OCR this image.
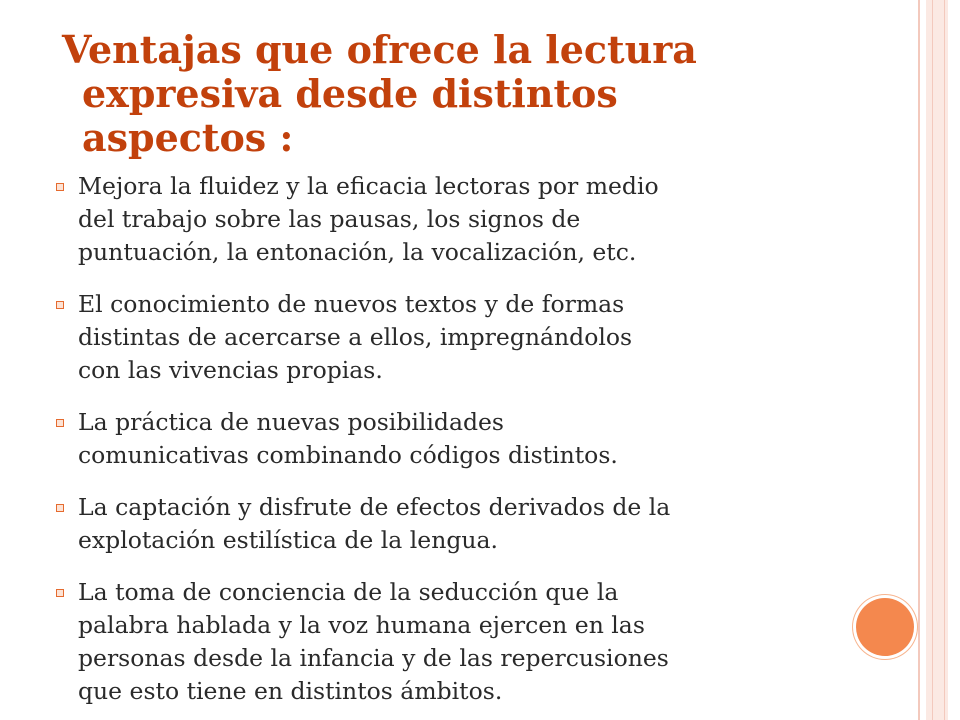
Ventajas que ofrece la lectura
expresiva desde distintos
aspectos :
Mejora la fluidez y la eficacia lectoras por medio
del trabajo sobre las pausas, los signos de
puntuación, la entonación, la vocalización, etc.
El conocimiento de nuevos textos y de formas
distintas de acercarse a ellos, impregnándolos
con las vivencias propias.
La práctica de nuevas posibilidades
comunicativas combinando códigos distintos.
La captación y disfrute de efectos derivados de la
explotación estilística de la lengua.
La toma de conciencia de la seducción que la
palabra hablada y la voz humana ejercen en las
personas desde la infancia y de las repercusiones
que esto tiene en distintos ámbitos.
